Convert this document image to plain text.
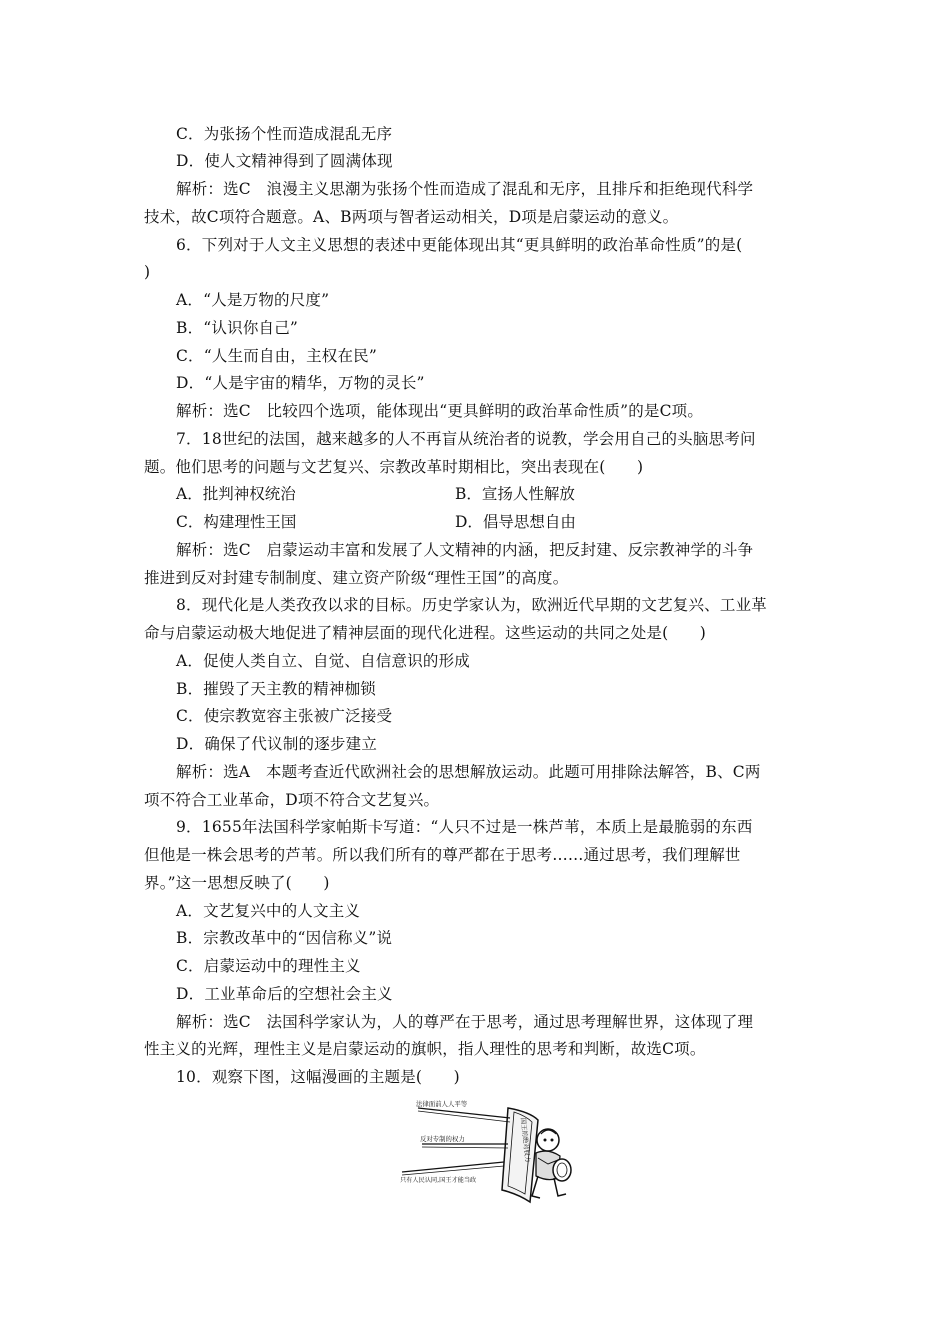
C．为张扬个性而造成混乱无序
D．使人文精神得到了圆满体现
解析：选C　浪漫主义思潮为张扬个性而造成了混乱和无序，且排斥和拒绝现代科学
技术，故C项符合题意。A、B两项与智者运动相关，D项是启蒙运动的意义。
6．下列对于人文主义思想的表述中更能体现出其“更具鲜明的政治革命性质”的是(
)
A．“人是万物的尺度”
B．“认识你自己”
C．“人生而自由，主权在民”
D．“人是宇宙的精华，万物的灵长”
解析：选C　比较四个选项，能体现出“更具鲜明的政治革命性质”的是C项。
7．18世纪的法国，越来越多的人不再盲从统治者的说教，学会用自己的头脑思考问
题。他们思考的问题与文艺复兴、宗教改革时期相比，突出表现在(　　)
A．批判神权统治	B．宣扬人性解放
C．构建理性王国	D．倡导思想自由
解析：选C　启蒙运动丰富和发展了人文精神的内涵，把反封建、反宗教神学的斗争
推进到反对封建专制制度、建立资产阶级“理性王国”的高度。
8．现代化是人类孜孜以求的目标。历史学家认为，欧洲近代早期的文艺复兴、工业革
命与启蒙运动极大地促进了精神层面的现代化进程。这些运动的共同之处是(　　)
A．促使人类自立、自觉、自信意识的形成
B．摧毁了天主教的精神枷锁
C．使宗教宽容主张被广泛接受
D．确保了代议制的逐步建立
解析：选A　本题考查近代欧洲社会的思想解放运动。此题可用排除法解答，B、C两
项不符合工业革命，D项不符合文艺复兴。
9．1655年法国科学家帕斯卡写道：“人只不过是一株芦苇，本质上是最脆弱的东西
但他是一株会思考的芦苇。所以我们所有的尊严都在于思考……通过思考，我们理解世
界。”这一思想反映了(　　)
A．文艺复兴中的人文主义
B．宗教改革中的“因信称义”说
C．启蒙运动中的理性主义
D．工业革命后的空想社会主义
解析：选C　法国科学家认为，人的尊严在于思考，通过思考理解世界，这体现了理
性主义的光辉，理性主义是启蒙运动的旗帜，指人理性的思考和判断，故选C项。
10．观察下图，这幅漫画的主题是(　　)
法律面前人人平等
反对专制的权力
只有人民认同,国王才能当政
国王的绝对权力
